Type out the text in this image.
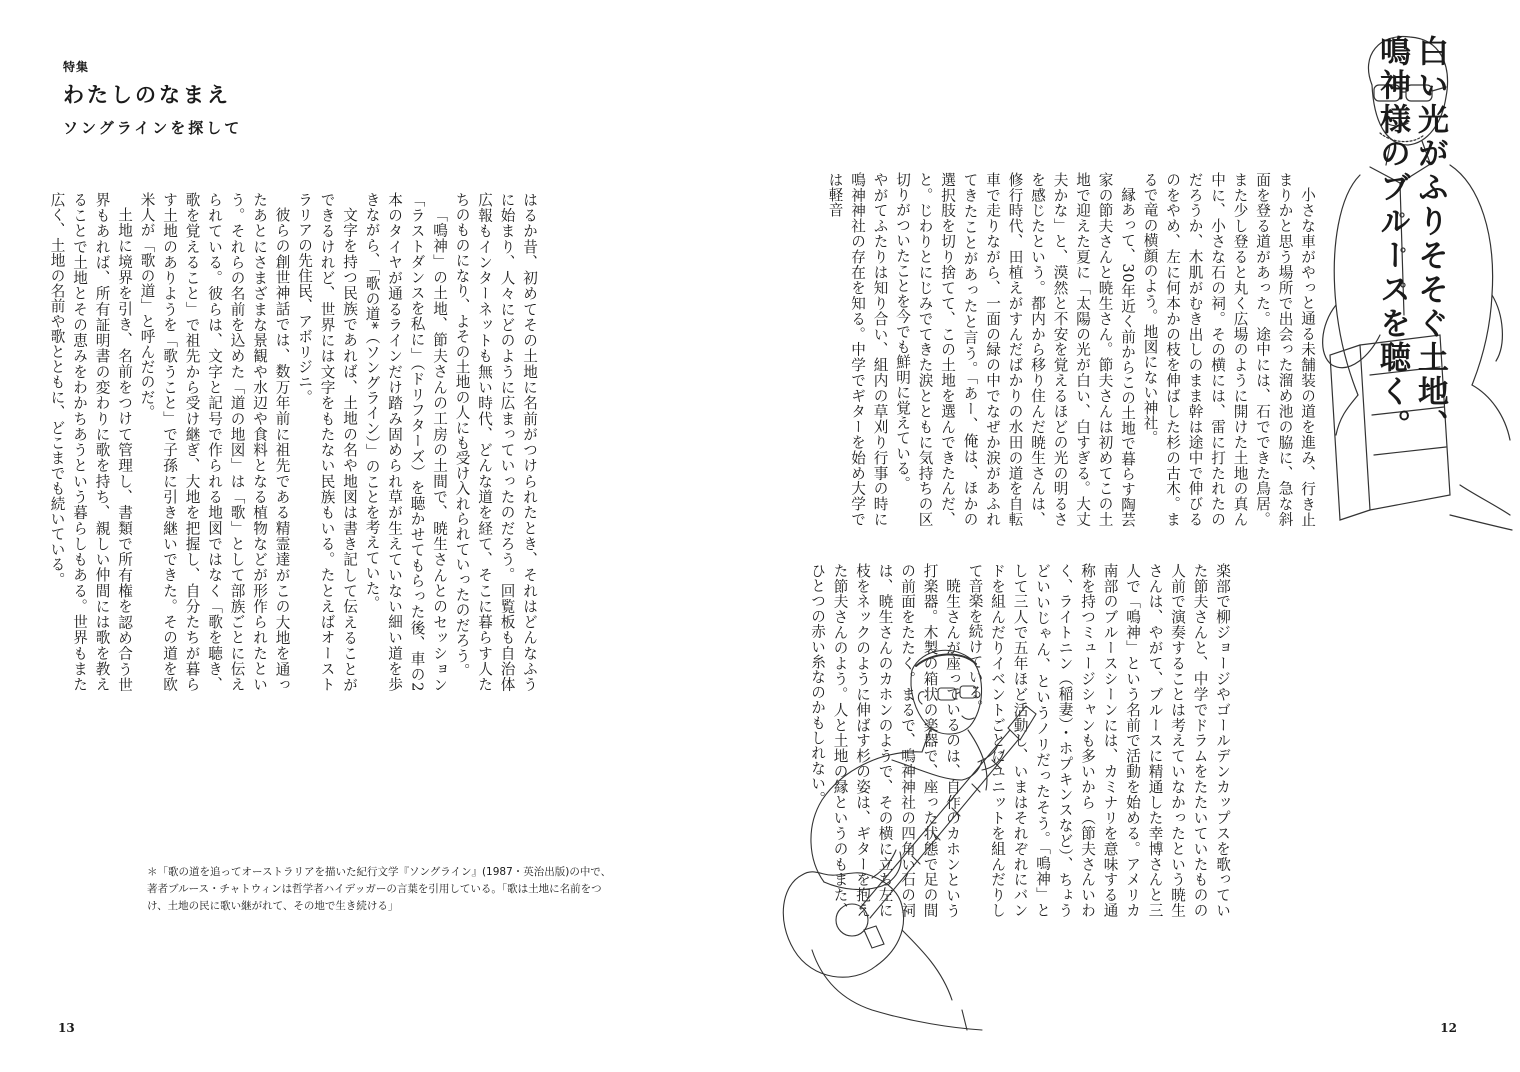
特集
わたしのなまえ
ソングラインを探して

はるか昔、初めてその土地に名前がつけられたとき、それはどんなふうに始まり、人々にどのように広まっていったのだろう。回覧板も自治体広報もインターネットも無い時代、どんな道を経て、そこに暮らす人たちのものになり、よその土地の人にも受け入れられていったのだろう。

「鳴神」の土地、節夫さんの工房の土間で、暁生さんとのセッション「ラストダンスを私に」（ドリフターズ）を聴かせてもらった後、車の2本のタイヤが通るラインだけ踏み固められ草が生えていない細い道を歩きながら、「歌の道*（ソングライン）」のことを考えていた。

文字を持つ民族であれば、土地の名や地図は書き記して伝えることができるけれど、世界には文字をもたない民族もいる。たとえばオーストラリアの先住民、アボリジニ。

彼らの創世神話では、数万年前に祖先である精霊達がこの大地を通ったあとにさまざまな景観や水辺や食料となる植物などが形作られたという。それらの名前を込めた「道の地図」は「歌」として部族ごとに伝えられている。彼らは、文字と記号で作られる地図ではなく「歌を聴き、歌を覚えること」で祖先から受け継ぎ、大地を把握し、自分たちが暮らす土地のありようを「歌うこと」で子孫に引き継いできた。その道を欧米人が「歌の道」と呼んだのだ。

土地に境界を引き、名前をつけて管理し、書類で所有権を認め合う世界もあれば、所有証明書の変わりに歌を持ち、親しい仲間には歌を教えることで土地とその恵みをわかちあうという暮らしもある。世界もまた広く、土地の名前や歌とともに、どこまでも続いている。

＊「歌の道を追ってオーストラリアを描いた紀行文学『ソングライン』(1987・英治出版)の中で、著者ブルース・チャトウィンは哲学者ハイデッガーの言葉を引用している。「歌は土地に名前をつけ、土地の民に歌い継がれて、その地で生き続ける」
13
白い光がふりそそぐ土地、
鳴神様のブルースを聴く。

小さな車がやっと通る未舗装の道を進み、行き止まりかと思う場所で出会った溜め池の脇に、急な斜面を登る道があった。途中には、石でできた鳥居。また少し登ると丸く広場のように開けた土地の真ん中に、小さな石の祠。その横には、雷に打たれたのだろうか、木肌がむき出しのまま幹は途中で伸びるのをやめ、左に何本かの枝を伸ばした杉の古木。まるで竜の横顔のよう。地図にない神社。

縁あって、30年近く前からこの土地で暮らす陶芸家の節夫さんと暁生さん。節夫さんは初めてこの土地で迎えた夏に「太陽の光が白い、白すぎる。大丈夫かな」と、漠然と不安を覚えるほどの光の明るさを感じたという。都内から移り住んだ暁生さんは、修行時代、田植えがすんだばかりの水田の道を自転車で走りながら、一面の緑の中でなぜか涙があふれてきたことがあったと言う。「あー、俺は、ほかの選択肢を切り捨てて、この土地を選んできたんだ、と。じわりとにじみでてきた涙とともに気持ちの区切りがついたことを今でも鮮明に覚えている。

やがてふたりは知り合い、組内の草刈り行事の時に鳴神神社の存在を知る。中学でギターを始め大学では軽音

楽部で柳ジョージやゴールデンカップスを歌っていた節夫さんと、中学でドラムをたたいていたものの人前で演奏することは考えていなかったという暁生さんは、やがて、ブルースに精通した幸博さんと三人で「鳴神」という名前で活動を始める。アメリカ南部のブルースシーンには、カミナリを意味する通称を持つミュージシャンも多いから（節夫さんいわく、ライトニン（稲妻）・ホプキンスなど）、ちょうどいいじゃん、というノリだったそう。「鳴神」として三人で五年ほど活動し、いまはそれぞれにバンドを組んだりイベントごとにユニットを組んだりして音楽を続けている。

暁生さんが座っているのは、自作のカホンという打楽器。木製の箱状の楽器で、座った状態で足の間の前面をたたく。まるで、鳴神神社の四角い石の祠は、暁生さんのカホンのようで、その横に立ち左に枝をネックのように伸ばす杉の姿は、ギターを抱えた節夫さんのよう。人と土地の縁というのもまた、ひとつの赤い糸なのかもしれない。

12
